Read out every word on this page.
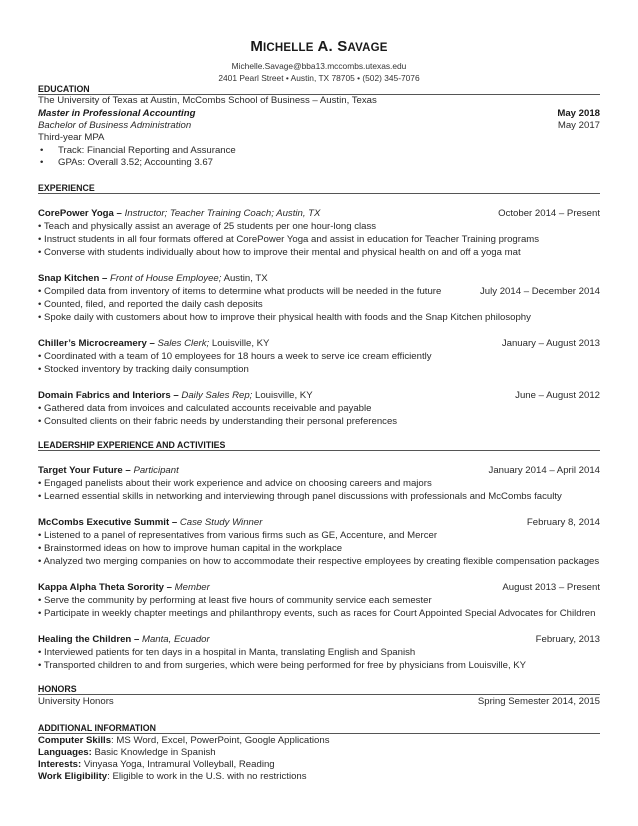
MICHELLE A. SAVAGE
Michelle.Savage@bba13.mccombs.utexas.edu
2401 Pearl Street • Austin, TX 78705 • (502) 345-7076
EDUCATION
The University of Texas at Austin, McCombs School of Business – Austin, Texas
Master in Professional Accounting	May 2018
Bachelor of Business Administration	May 2017
Third-year MPA
• Track: Financial Reporting and Assurance
• GPAs: Overall 3.52; Accounting 3.67
EXPERIENCE
CorePower Yoga – Instructor; Teacher Training Coach; Austin, TX	October 2014 – Present
• Teach and physically assist an average of 25 students per one hour-long class
• Instruct students in all four formats offered at CorePower Yoga and assist in education for Teacher Training programs
• Converse with students individually about how to improve their mental and physical health on and off a yoga mat
Snap Kitchen – Front of House Employee; Austin, TX
• Compiled data from inventory of items to determine what products will be needed in the future	July 2014 – December 2014
• Counted, filed, and reported the daily cash deposits
• Spoke daily with customers about how to improve their physical health with foods and the Snap Kitchen philosophy
Chiller’s Microcreamery – Sales Clerk; Louisville, KY	January – August 2013
• Coordinated with a team of 10 employees for 18 hours a week to serve ice cream efficiently
• Stocked inventory by tracking daily consumption
Domain Fabrics and Interiors – Daily Sales Rep; Louisville, KY	June – August 2012
• Gathered data from invoices and calculated accounts receivable and payable
• Consulted clients on their fabric needs by understanding their personal preferences
LEADERSHIP EXPERIENCE AND ACTIVITIES
Target Your Future – Participant	January 2014 – April 2014
• Engaged panelists about their work experience and advice on choosing careers and majors
• Learned essential skills in networking and interviewing through panel discussions with professionals and McCombs faculty
McCombs Executive Summit – Case Study Winner	February 8, 2014
• Listened to a panel of representatives from various firms such as GE, Accenture, and Mercer
• Brainstormed ideas on how to improve human capital in the workplace
• Analyzed two merging companies on how to accommodate their respective employees by creating flexible compensation packages
Kappa Alpha Theta Sorority – Member	August 2013 – Present
• Serve the community by performing at least five hours of community service each semester
• Participate in weekly chapter meetings and philanthropy events, such as races for Court Appointed Special Advocates for Children
Healing the Children – Manta, Ecuador	February, 2013
• Interviewed patients for ten days in a hospital in Manta, translating English and Spanish
• Transported children to and from surgeries, which were being performed for free by physicians from Louisville, KY
HONORS
University Honors	Spring Semester 2014, 2015
ADDITIONAL INFORMATION
Computer Skills: MS Word, Excel, PowerPoint, Google Applications
Languages: Basic Knowledge in Spanish
Interests: Vinyasa Yoga, Intramural Volleyball, Reading
Work Eligibility: Eligible to work in the U.S. with no restrictions
